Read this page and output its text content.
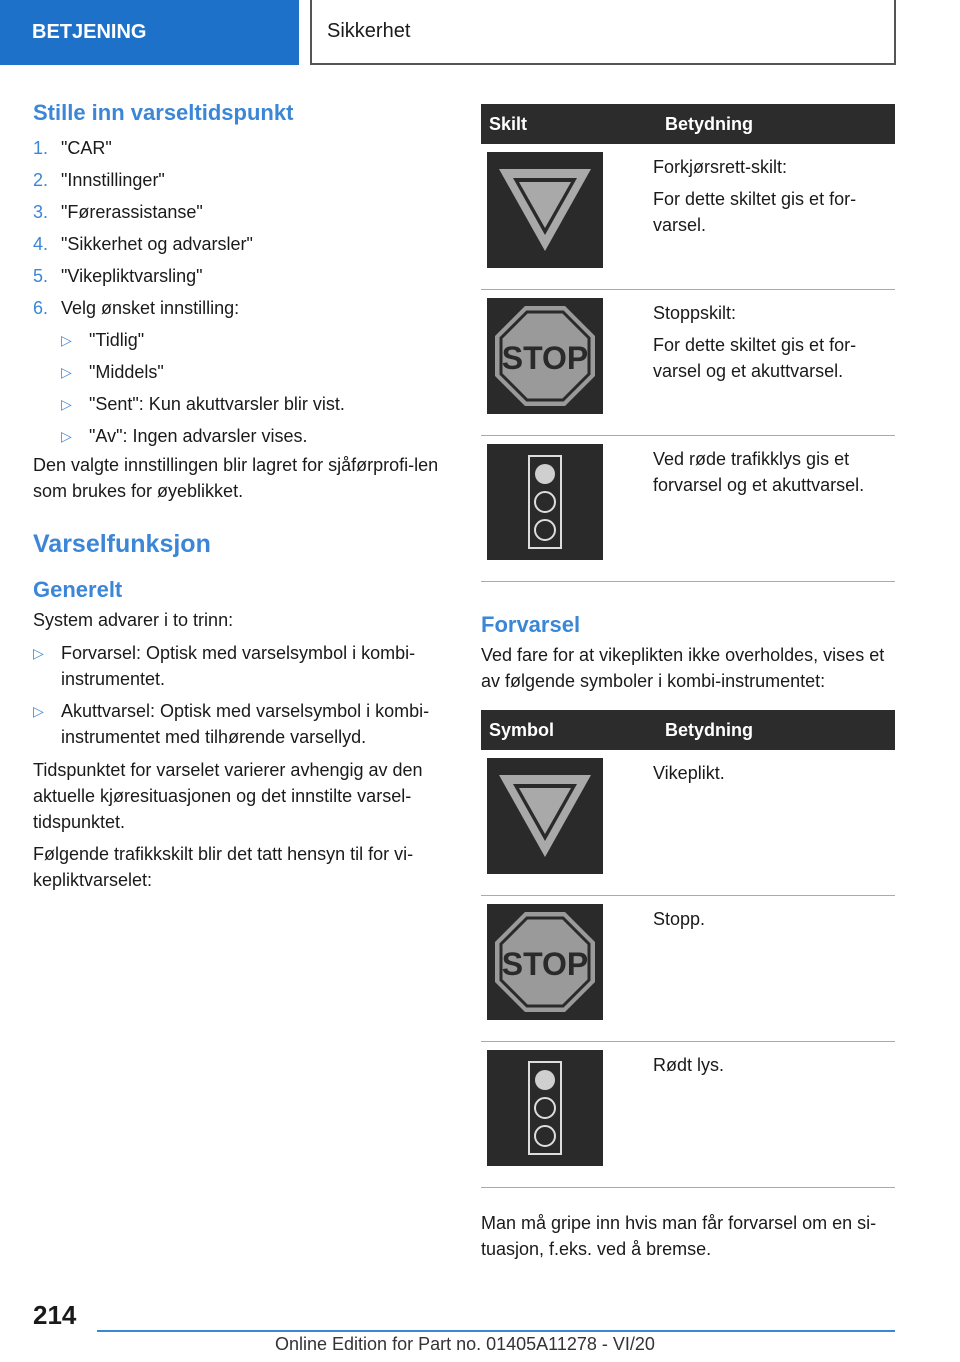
BETJENING	Sikkerhet
Stille inn varseltidspunkt
1. "CAR"
2. "Innstillinger"
3. "Førerassistanse"
4. "Sikkerhet og advarsler"
5. "Vikepliktvarsling"
6. Velg ønsket innstilling:
▷ "Tidlig"
▷ "Middels"
▷ "Sent": Kun akuttvarsler blir vist.
▷ "Av": Ingen advarsler vises.

Den valgte innstillingen blir lagret for sjåførprofi-len som brukes for øyeblikket.

Varselfunksjon
Generelt

System advarer i to trinn:

▷ Forvarsel: Optisk med varselsymbol i kombi-instrumentet.
▷ Akuttvarsel: Optisk med varselsymbol i kombi-instrumentet med tilhørende varsellyd.

Tidspunktet for varselet varierer avhengig av den aktuelle kjøresituasjonen og det innstilte varsel-tidspunktet.

Følgende trafikkskilt blir det tatt hensyn til for vi-kepliktvarselet:

Skilt	Betydning

Forkjørsrett-skilt:
For dette skiltet gis et for-varsel.

STOP	Stoppskilt:
For dette skiltet gis et for-varsel og et akuttvarsel.

Ved røde trafikklys gis et forvarsel og et akuttvarsel.
Forvarsel

Ved fare for at vikeplikten ikke overholdes, vises et av følgende symboler i kombi-instrumentet:

Symbol	Betydning

Vikeplikt.

STOP	Stopp.

Rødt lys.

Man må gripe inn hvis man får forvarsel om en si-tuasjon, f.eks. ved å bremse.

214
Online Edition for Part no. 01405A11278 - VI/20
